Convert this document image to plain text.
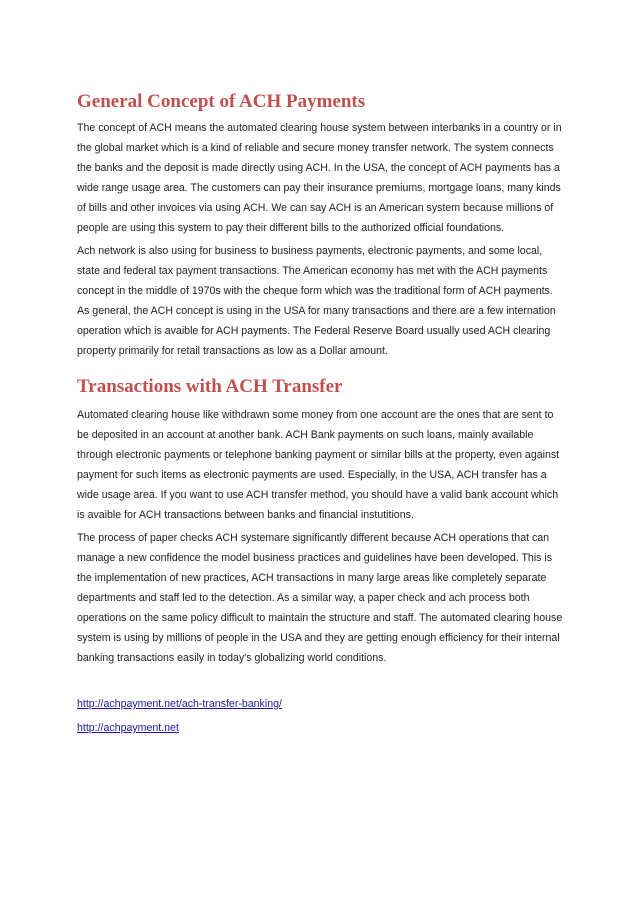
General Concept of ACH Payments

The concept of ACH means the automated clearing house system between interbanks in a country or in the global market which is a kind of reliable and secure money transfer network. The system connects the banks and the deposit is made directly using ACH. In the USA, the concept of ACH payments has a wide range usage area. The customers can pay their insurance premiums, mortgage loans, many kinds of bills and other invoices via using ACH. We can say ACH is an American system because millions of people are using this system to pay their different bills to the authorized official foundations.

Ach network is also using for business to business payments, electronic payments, and some local, state and federal tax payment transactions. The American economy has met with the ACH payments concept in the middle of 1970s with the cheque form which was the traditional form of ACH payments. As general, the ACH concept is using in the USA for many transactions and there are a few internation operation which is avaible for ACH payments. The Federal Reserve Board usually used ACH clearing property primarily for retail transactions as low as a Dollar amount.

Transactions with ACH Transfer

Automated clearing house like withdrawn some money from one account are the ones that are sent to be deposited in an account at another bank. ACH Bank payments on such loans, mainly available through electronic payments or telephone banking payment or similar bills at the property, even against payment for such items as electronic payments are used. Especially, in the USA, ACH transfer has a wide usage area. If you want to use ACH transfer method, you should have a valid bank account which is avaible for ACH transactions between banks and financial instutitions.

The process of paper checks ACH systemare significantly different because ACH operations that can manage a new confidence the model business practices and guidelines have been developed. This is the implementation of new practices, ACH transactions in many large areas like completely separate departments and staff led to the detection. As a similar way, a paper check and ach process both operations on the same policy difficult to maintain the structure and staff. The automated clearing house system is using by millions of people in the USA and they are getting enough efficiency for their internal banking transactions easily in today's globalizing world conditions.

http://achpayment.net/ach-transfer-banking/
http://achpayment.net
